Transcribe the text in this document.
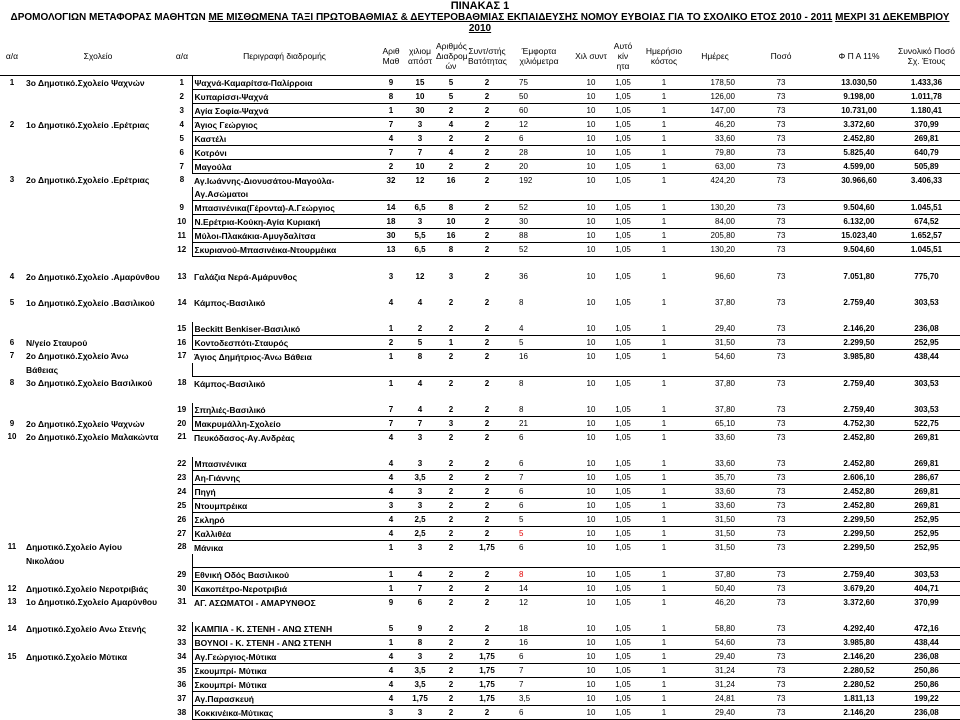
ΠΙΝΑΚΑΣ 1
ΔΡΟΜΟΛΟΓΙΩΝ ΜΕΤΑΦΟΡΑΣ ΜΑΘΗΤΩΝ ΜΕ ΜΙΣΘΩΜΕΝΑ ΤΑΞΙ ΠΡΩΤΟΒΑΘΜΙΑΣ & ΔΕΥΤΕΡΟΒΑΘΜΙΑΣ ΕΚΠΑΙΔΕΥΣΗΣ ΝΟΜΟΥ ΕΥΒΟΙΑΣ ΓΙΑ ΤΟ ΣΧΟΛΙΚΟ ΕΤΟΣ 2010 - 2011 ΜΕΧΡΙ 31 ΔΕΚΕΜΒΡΙΟΥ 2010
α/α	Σχολείο	α/α	Περιγραφή διαδρομής	Αριθ Μαθ	χιλιομ απόστ	Αριθμός Διαδρομ ών	Συντ/στής Βατότητας	Έμφορτα χιλιόμετρα	Χιλ συντ	Αυτό κίν ητα	Ημερήσιο κόστος	Ημέρες	Ποσό	Φ Π Α 11%	Συνολικό Ποσό Σχ. Έτους	
1	3ο Δημοτικό.Σχολείο Ψαχνών	1	Ψαχνά-Καμαρίτσα-Παλίρροια	9	15	5	2	75	10	1,05	1	178,50	73	13.030,50	1.433,36	
		2	Κυπαρίσσι-Ψαχνά	8	10	5	2	50	10	1,05	1	126,00	73	9.198,00	1.011,78	
		3	Αγία Σοφία-Ψαχνά	1	30	2	2	60	10	1,05	1	147,00	73	10.731,00	1.180,41	
2	1ο Δημοτικό.Σχολείο .Ερέτριας	4	Άγιος Γεώργιος	7	3	4	2	12	10	1,05	1	46,20	73	3.372,60	370,99	
		5	Καστέλι	4	3	2	2	6	10	1,05	1	33,60	73	2.452,80	269,81	
		6	Κοτρόνι	7	7	4	2	28	10	1,05	1	79,80	73	5.825,40	640,79	
		7	Μαγούλα	2	10	2	2	20	10	1,05	1	63,00	73	4.599,00	505,89	
3	2ο Δημοτικό.Σχολείο .Ερέτριας	8	Αγ.Ιωάννης-Διονυσάτου-Μαγούλα-	32	12	16	2	192	10	1,05	1	424,20	73	30.966,60	3.406,33	
			Αγ.Ασώματοι													
		9	Μπασινένικα(Γέροντα)-Α.Γεώργιος	14	6,5	8	2	52	10	1,05	1	130,20	73	9.504,60	1.045,51	
		10	Ν.Ερέτρια-Κούκη-Αγία Κυριακή	18	3	10	2	30	10	1,05	1	84,00	73	6.132,00	674,52	
		11	Μύλοι-Πλακάκια-Αμυγδαλίτσα	30	5,5	16	2	88	10	1,05	1	205,80	73	15.023,40	1.652,57	
		12	Σκυριανού-Μπασινέικα-Ντουρμέικα	13	6,5	8	2	52	10	1,05	1	130,20	73	9.504,60	1.045,51	

4	2ο Δημοτικό.Σχολείο .Αμαρύνθου	13	Γαλάζια Νερά-Αμάρυνθος	3	12	3	2	36	10	1,05	1	96,60	73	7.051,80	775,70	

5	1ο Δημοτικό.Σχολείο .Βασιλικού	14	Κάμπος-Βασιλικό	4	4	2	2	8	10	1,05	1	37,80	73	2.759,40	303,53	

		15	Beckitt Benkiser-Βασιλικό	1	2	2	2	4	10	1,05	1	29,40	73	2.146,20	236,08	
6	Ν/γείο Σταυρού	16	Κοντοδεσπότι-Σταυρός	2	5	1	2	5	10	1,05	1	31,50	73	2.299,50	252,95	
7	2ο Δημοτικό.Σχολείο Άνω	17	Άγιος Δημήτριος-Άνω Βάθεια	1	8	2	2	16	10	1,05	1	54,60	73	3.985,80	438,44	
	Βάθειας															
8	3ο Δημοτικό.Σχολείο Βασιλικού	18	Κάμπος-Βασιλικό	1	4	2	2	8	10	1,05	1	37,80	73	2.759,40	303,53	

		19	Σπηλιές-Βασιλικό	7	4	2	2	8	10	1,05	1	37,80	73	2.759,40	303,53	
9	2ο Δημοτικό.Σχολείο Ψαχνών	20	Μακρυμάλλη-Σχολείο	7	7	3	2	21	10	1,05	1	65,10	73	4.752,30	522,75	
10	2ο Δημοτικό.Σχολείο Μαλακώντα	21	Πευκόδασος-Αγ.Ανδρέας	4	3	2	2	6	10	1,05	1	33,60	73	2.452,80	269,81	

		22	Μπασινένικα	4	3	2	2	6	10	1,05	1	33,60	73	2.452,80	269,81	
		23	Αη-Γιάννης	4	3,5	2	2	7	10	1,05	1	35,70	73	2.606,10	286,67	
		24	Πηγή	4	3	2	2	6	10	1,05	1	33,60	73	2.452,80	269,81	
		25	Ντουμπρέικα	3	3	2	2	6	10	1,05	1	33,60	73	2.452,80	269,81	
		26	Σκληρό	4	2,5	2	2	5	10	1,05	1	31,50	73	2.299,50	252,95	
		27	Καλλιθέα	4	2,5	2	2	5	10	1,05	1	31,50	73	2.299,50	252,95	
11	Δημοτικό.Σχολείο Αγίου	28	Μάνικα	1	3	2	1,75	6	10	1,05	1	31,50	73	2.299,50	252,95	
	Νικολάου															
		29	Εθνική Οδός Βασιλικού	1	4	2	2	8	10	1,05	1	37,80	73	2.759,40	303,53	
12	Δημοτικό.Σχολείο Νεροτριβιάς	30	Κακοπέτρο-Νεροτριβιά	1	7	2	2	14	10	1,05	1	50,40	73	3.679,20	404,71	
13	1ο Δημοτικό.Σχολείο Αμαρύνθου	31	ΑΓ. ΑΣΩΜΑΤΟΙ - ΑΜΑΡΥΝΘΟΣ	9	6	2	2	12	10	1,05	1	46,20	73	3.372,60	370,99	

14	Δημοτικό.Σχολείο Ανω Στενής	32	ΚΑΜΠΙΑ - Κ. ΣΤΕΝΗ - ΑΝΩ ΣΤΕΝΗ	5	9	2	2	18	10	1,05	1	58,80	73	4.292,40	472,16	
		33	ΒΟΥΝΟΙ - Κ. ΣΤΕΝΗ - ΑΝΩ ΣΤΕΝΗ	1	8	2	2	16	10	1,05	1	54,60	73	3.985,80	438,44	
15	Δημοτικό.Σχολείο Μύτικα	34	Αγ.Γεώργιος-Μύτικα	4	3	2	1,75	6	10	1,05	1	29,40	73	2.146,20	236,08	
		35	Σκουμπρί- Μύτικα	4	3,5	2	1,75	7	10	1,05	1	31,24	73	2.280,52	250,86	
		36	Σκουμπρί- Μύτικα	4	3,5	2	1,75	7	10	1,05	1	31,24	73	2.280,52	250,86	
		37	Αγ.Παρασκευή	4	1,75	2	1,75	3,5	10	1,05	1	24,81	73	1.811,13	199,22	
		38	Κοκκινέικα-Μύτικας	3	3	2	2	6	10	1,05	1	29,40	73	2.146,20	236,08	
